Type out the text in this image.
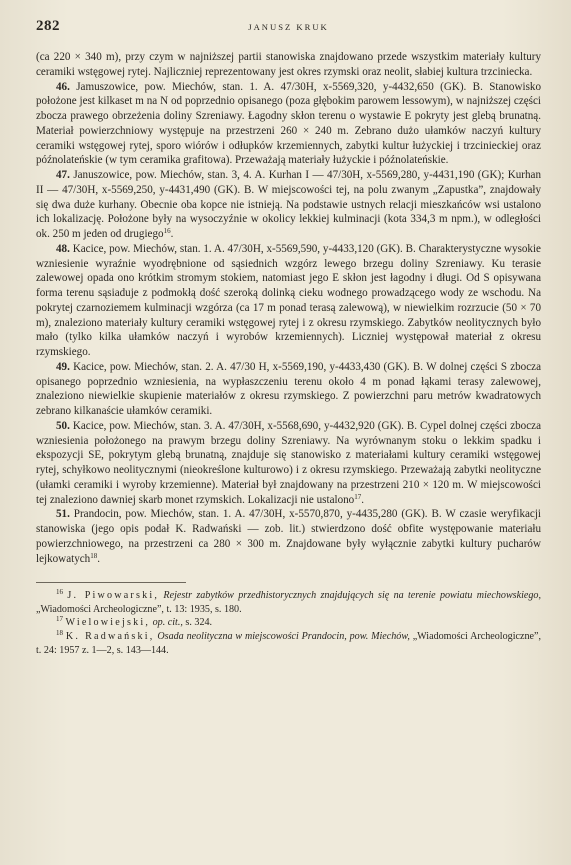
282	JANUSZ KRUK

(ca 220 × 340 m), przy czym w najniższej partii stanowiska znajdowano przede wszystkim materiały kultury ceramiki wstęgowej rytej. Najliczniej reprezentowany jest okres rzymski oraz neolit, słabiej kultura trzciniecka.

46. Jamuszowice, pow. Miechów, stan. 1. A. 47/30H, x-5569,320, y-4432,650 (GK). B. Stanowisko położone jest kilkaset m na N od poprzednio opisanego (poza głębokim parowem lessowym), w najniższej części zbocza prawego obrzeżenia doliny Szreniawy. Łagodny skłon terenu o wystawie E pokryty jest glebą brunatną. Materiał powierzchniowy występuje na przestrzeni 260 × 240 m. Zebrano dużo ułamków naczyń kultury ceramiki wstęgowej rytej, sporo wiórów i odłupków krzemiennych, zabytki kultur łużyckiej i trzcinieckiej oraz późnolateńskie (w tym ceramika grafitowa). Przeważają materiały łużyckie i późnolateńskie.

47. Januszowice, pow. Miechów, stan. 3, 4. A. Kurhan I — 47/30H, x-5569,280, y-4431,190 (GK); Kurhan II — 47/30H, x-5569,250, y-4431,490 (GK). B. W miejscowości tej, na polu zwanym „Zapustka”, znajdowały się dwa duże kurhany. Obecnie oba kopce nie istnieją. Na podstawie ustnych relacji mieszkańców wsi ustalono ich lokalizację. Położone były na wysoczyźnie w okolicy lekkiej kulminacji (kota 334,3 m npm.), w odległości ok. 250 m jeden od drugiego$^{16}$.

48. Kacice, pow. Miechów, stan. 1. A. 47/30H, x-5569,590, y-4433,120 (GK). B. Charakterystyczne wysokie wzniesienie wyraźnie wyodrębnione od sąsiednich wzgórz lewego brzegu doliny Szreniawy. Ku terasie zalewowej opada ono krótkim stromym stokiem, natomiast jego E skłon jest łagodny i długi. Od S opisywana forma terenu sąsiaduje z podmokłą dość szeroką dolinką cieku wodnego prowadzącego wody ze wschodu. Na pokrytej czarnoziemem kulminacji wzgórza (ca 17 m ponad terasą zalewową), w niewielkim rozrzucie (50 × 70 m), znaleziono materiały kultury ceramiki wstęgowej rytej i z okresu rzymskiego. Zabytków neolitycznych było mało (tylko kilka ułamków naczyń i wyrobów krzemiennych). Liczniej występował materiał z okresu rzymskiego.

49. Kacice, pow. Miechów, stan. 2. A. 47/30 H, x-5569,190, y-4433,430 (GK). B. W dolnej części S zbocza opisanego poprzednio wzniesienia, na wypłaszczeniu terenu około 4 m ponad łąkami terasy zalewowej, znaleziono niewielkie skupienie materiałów z okresu rzymskiego. Z powierzchni paru metrów kwadratowych zebrano kilkanaście ułamków ceramiki.

50. Kacice, pow. Miechów, stan. 3. A. 47/30H, x-5568,690, y-4432,920 (GK). B. Cypel dolnej części zbocza wzniesienia położonego na prawym brzegu doliny Szreniawy. Na wyrównanym stoku o lekkim spadku i ekspozycji SE, pokrytym glebą brunatną, znajduje się stanowisko z materiałami kultury ceramiki wstęgowej rytej, schyłkowo neolitycznymi (nieokreślone kulturowo) i z okresu rzymskiego. Przeważają zabytki neolityczne (ułamki ceramiki i wyroby krzemienne). Materiał był znajdowany na przestrzeni 210 × 120 m. W miejscowości tej znaleziono dawniej skarb monet rzymskich. Lokalizacji nie ustalono$^{17}$.

51. Prandocin, pow. Miechów, stan. 1. A. 47/30H, x-5570,870, y-4435,280 (GK). B. W czasie weryfikacji stanowiska (jego opis podał K. Radwański — zob. lit.) stwierdzono dość obfite występowanie materiału powierzchniowego, na przestrzeni ca 280 × 300 m. Znajdowane były wyłącznie zabytki kultury pucharów lejkowatych$^{18}$.

$^{16}$ J. Piwowarski, Rejestr zabytków przedhistorycznych znajdujących się na terenie powiatu miechowskiego, „Wiadomości Archeologiczne”, t. 13: 1935, s. 180.

$^{17}$ Wielowiejski, op. cit., s. 324.

$^{18}$ K. Radwański, Osada neolityczna w miejscowości Prandocin, pow. Miechów, „Wiadomości Archeologiczne”, t. 24: 1957 z. 1—2, s. 143—144.
